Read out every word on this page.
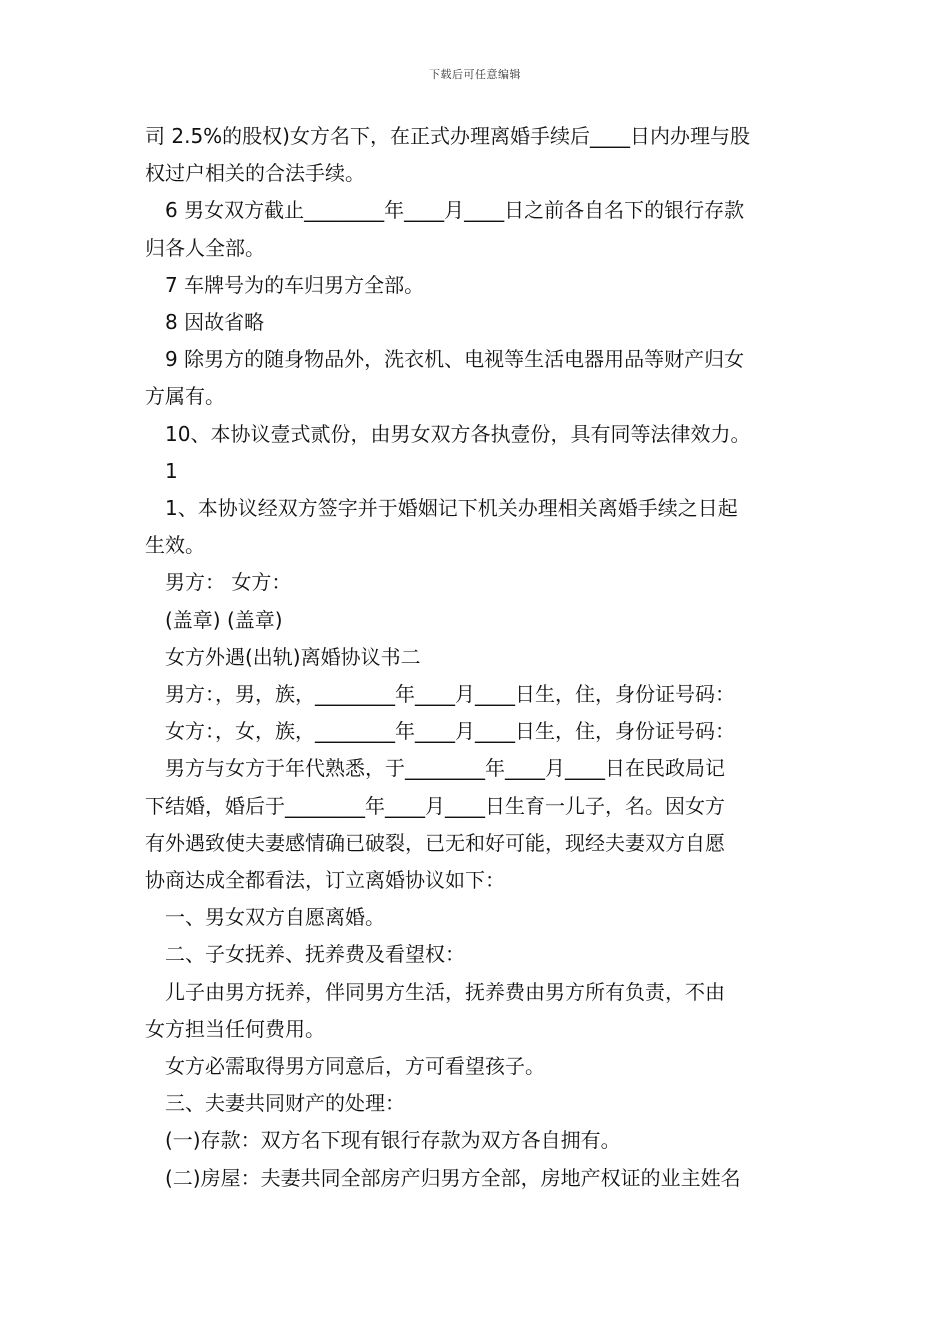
下载后可任意编辑

司 2.5%的股权)女方名下，在正式办理离婚手续后____日内办理与股

权过户相关的合法手续。

6 男女双方截止________年____月____日之前各自名下的银行存款

归各人全部。

7 车牌号为的车归男方全部。

8 因故省略

9 除男方的随身物品外，洗衣机、电视等生活电器用品等财产归女

方属有。

10、本协议壹式贰份，由男女双方各执壹份，具有同等法律效力。

1

1、本协议经双方签字并于婚姻记下机关办理相关离婚手续之日起

生效。

男方： 女方：

(盖章) (盖章)

女方外遇(出轨)离婚协议书二

男方：，男，族，________年____月____日生，住，身份证号码：

女方：，女，族，________年____月____日生，住，身份证号码：

男方与女方于年代熟悉，于________年____月____日在民政局记

下结婚，婚后于________年____月____日生育一儿子，名。因女方

有外遇致使夫妻感情确已破裂，已无和好可能，现经夫妻双方自愿

协商达成全都看法，订立离婚协议如下：

一、男女双方自愿离婚。

二、子女抚养、抚养费及看望权：

儿子由男方抚养，伴同男方生活，抚养费由男方所有负责，不由

女方担当任何费用。

女方必需取得男方同意后，方可看望孩子。

三、夫妻共同财产的处理：

(一)存款：双方名下现有银行存款为双方各自拥有。

(二)房屋：夫妻共同全部房产归男方全部，房地产权证的业主姓名
